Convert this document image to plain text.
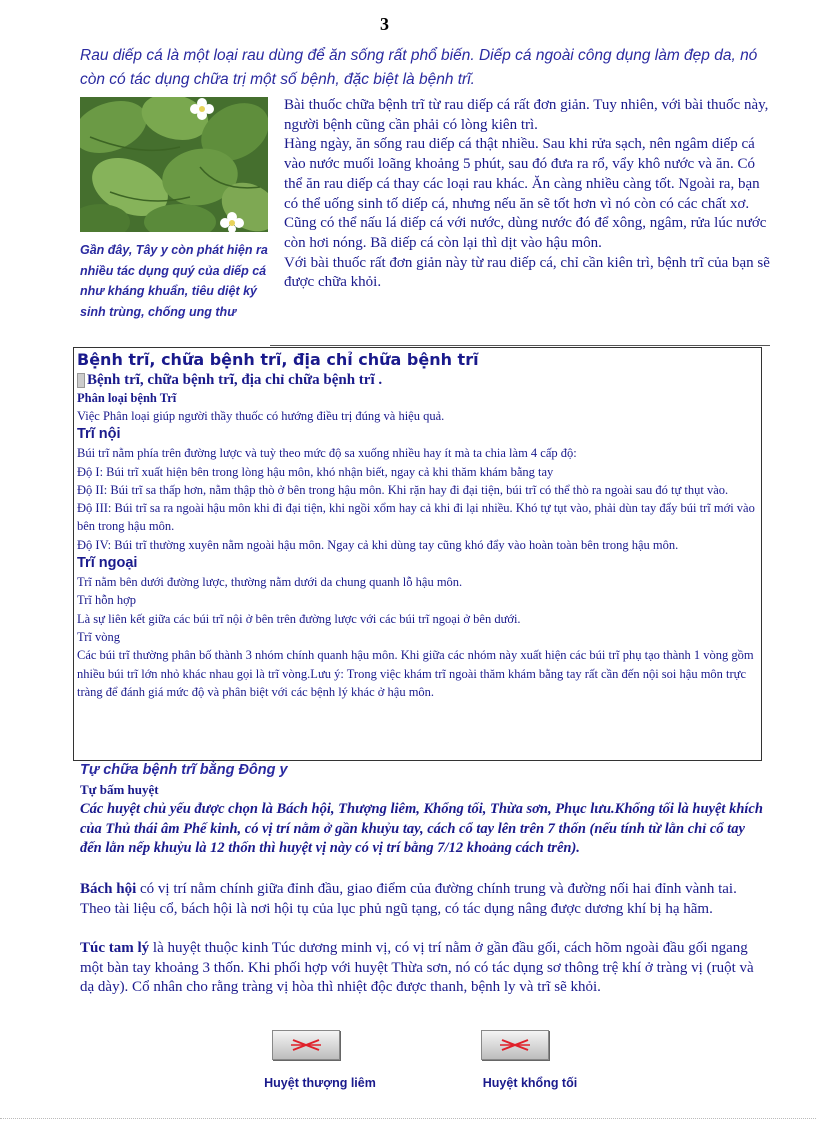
3
Rau diếp cá là một loại rau dùng để ăn sống rất phổ biến. Diếp cá ngoài công dụng làm đẹp da, nó còn có tác dụng chữa trị một số bệnh, đặc biệt là bệnh trĩ.
Gần đây, Tây y còn phát hiện ra nhiều tác dụng quý của diếp cá như kháng khuẩn, tiêu diệt ký sinh trùng, chống ung thư

Bài thuốc chữa bệnh trĩ từ rau diếp cá rất đơn giản. Tuy nhiên, với bài thuốc này, người bệnh cũng cần phải có lòng kiên trì.

Hàng ngày, ăn sống rau diếp cá thật nhiều. Sau khi rửa sạch, nên ngâm diếp cá vào nước muối loãng khoảng 5 phút, sau đó đưa ra rổ, vẩy khô nước và ăn. Có thể ăn rau diếp cá thay các loại rau khác. Ăn càng nhiều càng tốt. Ngoài ra, bạn có thể uống sinh tố diếp cá, nhưng nếu ăn sẽ tốt hơn vì nó còn có các chất xơ.

Cũng có thể nấu lá diếp cá với nước, dùng nước đó để xông, ngâm, rửa lúc nước còn hơi nóng. Bã diếp cá còn lại thì dịt vào hậu môn.

Với bài thuốc rất đơn giản này từ rau diếp cá, chỉ cần kiên trì, bệnh trĩ của bạn sẽ được chữa khỏi.

Bệnh trĩ, chữa bệnh trĩ, địa chỉ chữa bệnh trĩ
Bệnh trĩ, chữa bệnh trĩ, địa chỉ chữa bệnh trĩ .
Phân loại bệnh Trĩ
Việc Phân loại giúp người thầy thuốc có hướng điều trị đúng và hiệu quả.
Trĩ nội
Búi trĩ nằm phía trên đường lược và tuỳ theo mức độ sa xuống nhiều hay ít mà ta chia làm 4 cấp độ:
Độ I: Búi trĩ xuất hiện bên trong lòng hậu môn, khó nhận biết, ngay cả khi thăm khám bằng tay
Độ II: Búi trĩ sa thấp hơn, nằm thập thò ở bên trong hậu môn. Khi rặn hay đi đại tiện, búi trĩ có thể thò ra ngoài sau đó tự thụt vào.
Độ III: Búi trĩ sa ra ngoài hậu môn khi đi đại tiện, khi ngồi xổm hay cả khi đi lại nhiều. Khó tự tụt vào, phải dùn tay đẩy búi trĩ mới vào bên trong hậu môn.
Độ IV: Búi trĩ thường xuyên nằm ngoài hậu môn. Ngay cả khi dùng tay cũng khó đẩy vào hoàn toàn bên trong hậu môn.
Trĩ ngoại
Trĩ nằm bên dưới đường lược, thường nằm dưới da chung quanh lỗ hậu môn.
Trĩ hỗn hợp
Là sự liên kết giữa các búi trĩ nội ở bên trên đường lược với các búi trĩ ngoại ở bên dưới.
Trĩ vòng
Các búi trĩ thường phân bố thành 3 nhóm chính quanh hậu môn. Khi giữa các nhóm này xuất hiện các búi trĩ phụ tạo thành 1 vòng gồm nhiều búi trĩ lớn nhỏ khác nhau gọi là trĩ vòng.Lưu ý: Trong việc khám trĩ ngoài thăm khám bằng tay rất cần đến nội soi hậu môn trực tràng để đánh giá mức độ và phân biệt với các bệnh lý khác ở hậu môn.
Tự chữa bệnh trĩ bằng Đông y
Tự bấm huyệt
Các huyệt chủ yếu được chọn là Bách hội, Thượng liêm, Khổng tối, Thừa sơn, Phục lưu.Khổng tối là huyệt khích của Thủ thái âm Phế kinh, có vị trí nằm ở gần khuỷu tay, cách cổ tay lên trên 7 thốn (nếu tính từ lằn chỉ cổ tay đến lằn nếp khuỷu là 12 thốn thì huyệt vị này có vị trí bằng 7/12 khoảng cách trên).
Bách hội có vị trí nằm chính giữa đỉnh đầu, giao điểm của đường chính trung và đường nối hai đỉnh vành tai. Theo tài liệu cổ, bách hội là nơi hội tụ của lục phủ ngũ tạng, có tác dụng nâng được dương khí bị hạ hãm.
Túc tam lý là huyệt thuộc kinh Túc dương minh vị, có vị trí nằm ở gần đầu gối, cách hõm ngoài đầu gối ngang một bàn tay khoảng 3 thốn. Khi phối hợp với huyệt Thừa sơn, nó có tác dụng sơ thông trệ khí ở tràng vị (ruột và dạ dày). Cổ nhân cho rằng tràng vị hòa thì nhiệt độc được thanh, bệnh ly và trĩ sẽ khỏi.
Huyệt thượng liêm	Huyệt khổng tối
